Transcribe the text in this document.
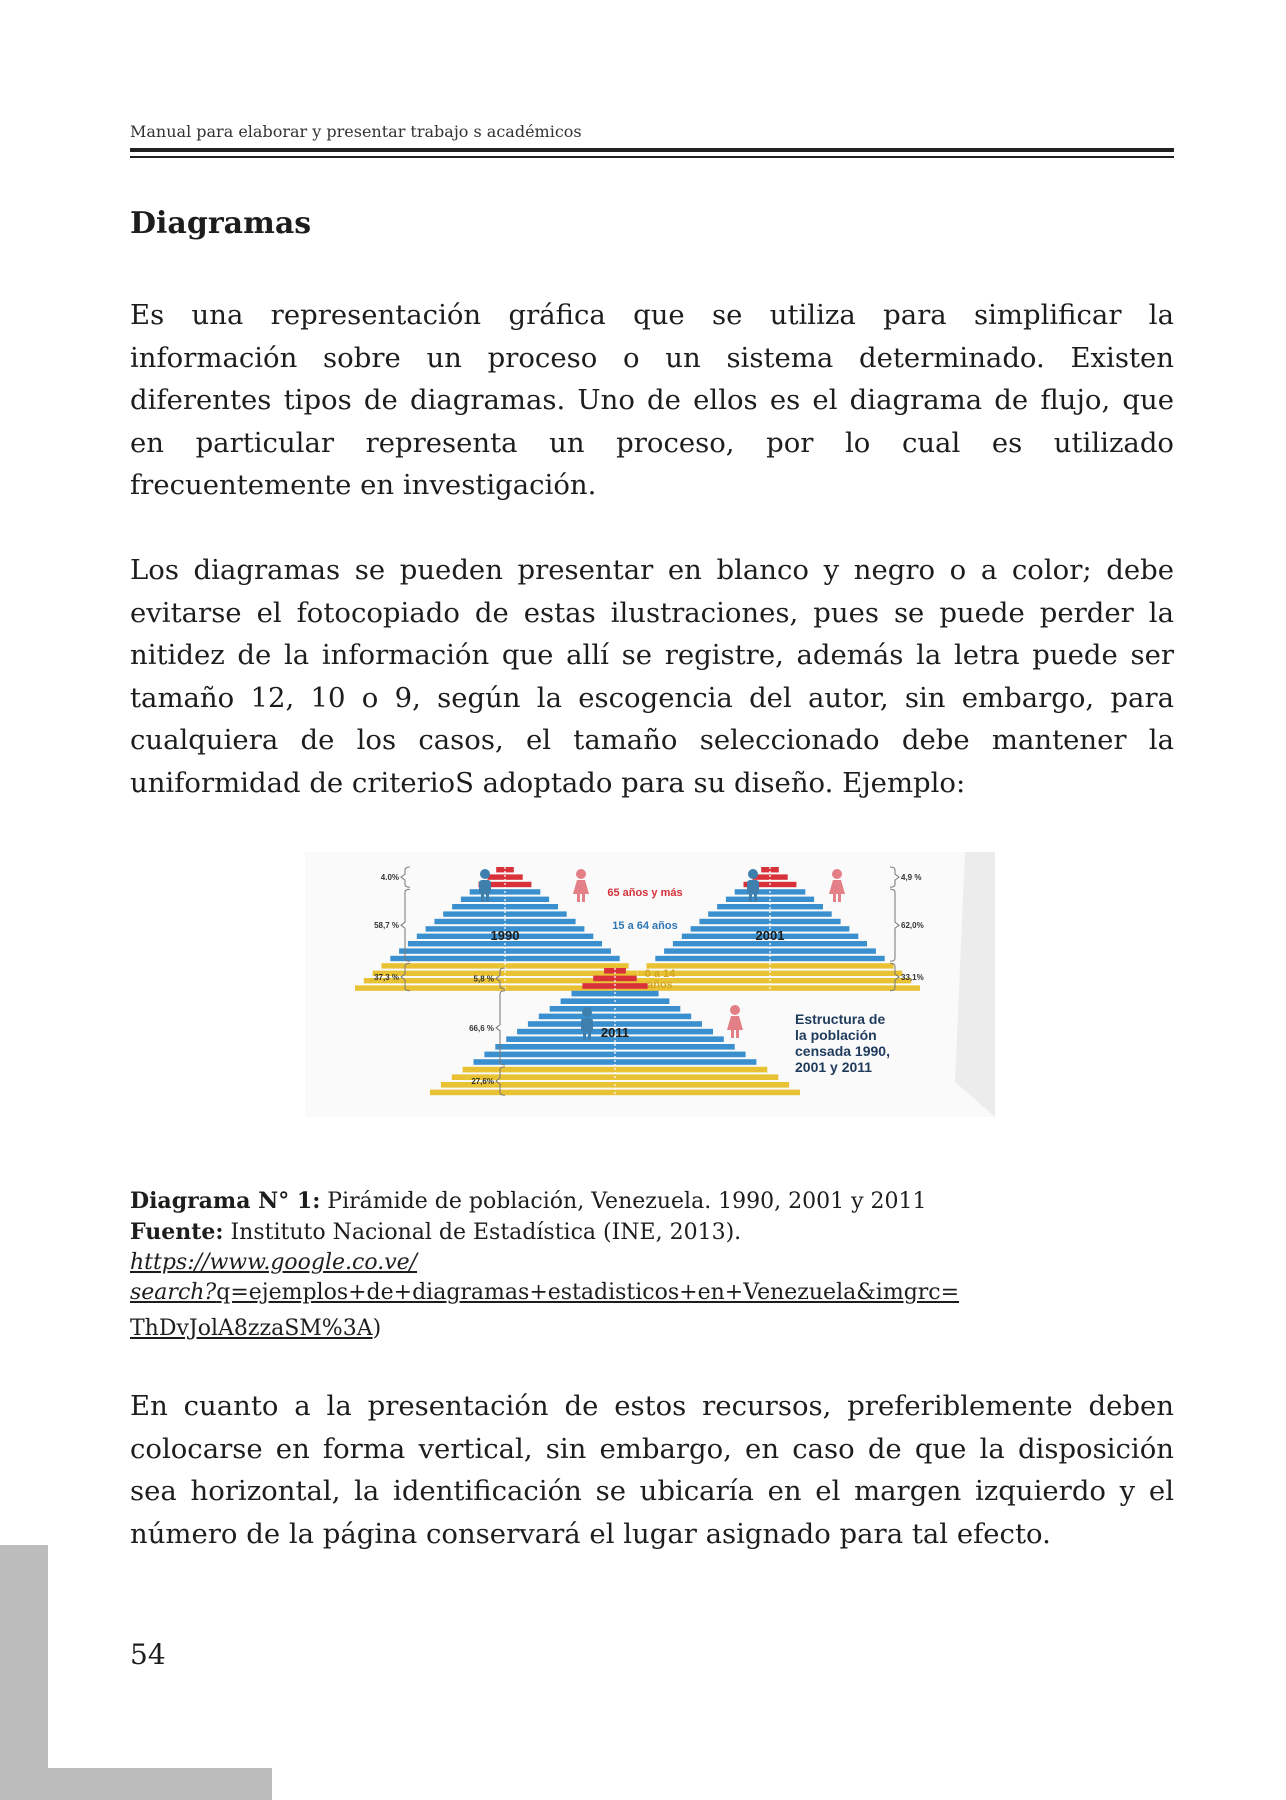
Manual para elaborar y presentar trabajo s académicos
Diagramas

Es una representación gráfica que se utiliza para simplificar la información sobre un proceso o un sistema determinado. Existen diferentes tipos de diagramas. Uno de ellos es el diagrama de flujo, que en particular representa un proceso, por lo cual es utilizado frecuentemente en investigación.

Los diagramas se pueden presentar en blanco y negro o a color; debe evitarse el fotocopiado de estas ilustraciones, pues se puede perder la nitidez de la información que allí se registre, además la letra puede ser tamaño 12, 10 o 9, según la escogencia del autor, sin embargo, para cualquiera de los casos, el tamaño seleccionado debe mantener la uniformidad de criterioS adoptado para su diseño. Ejemplo:

1990	2001
2011
4.0%
58,7 %
37,3 %
4,9 %
62,0%
33,1%
5,8 %
66,6 %
27,6%
65 años y más
15 a 64 años
0 a 14
años
Estructura de
la población
censada 1990,
2001 y 2011
Diagrama N° 1: Pirámide de población, Venezuela. 1990, 2001 y 2011
Fuente: Instituto Nacional de Estadística (INE, 2013).
https://www.google.co.ve/
search?q=ejemplos+de+diagramas+estadisticos+en+Venezuela&imgrc=
ThDvJolA8zzaSM%3A)

En cuanto a la presentación de estos recursos, preferiblemente deben colocarse en forma vertical, sin embargo, en caso de que la disposición sea horizontal, la identificación se ubicaría en el margen izquierdo y el número de la página conservará el lugar asignado para tal efecto.

54
